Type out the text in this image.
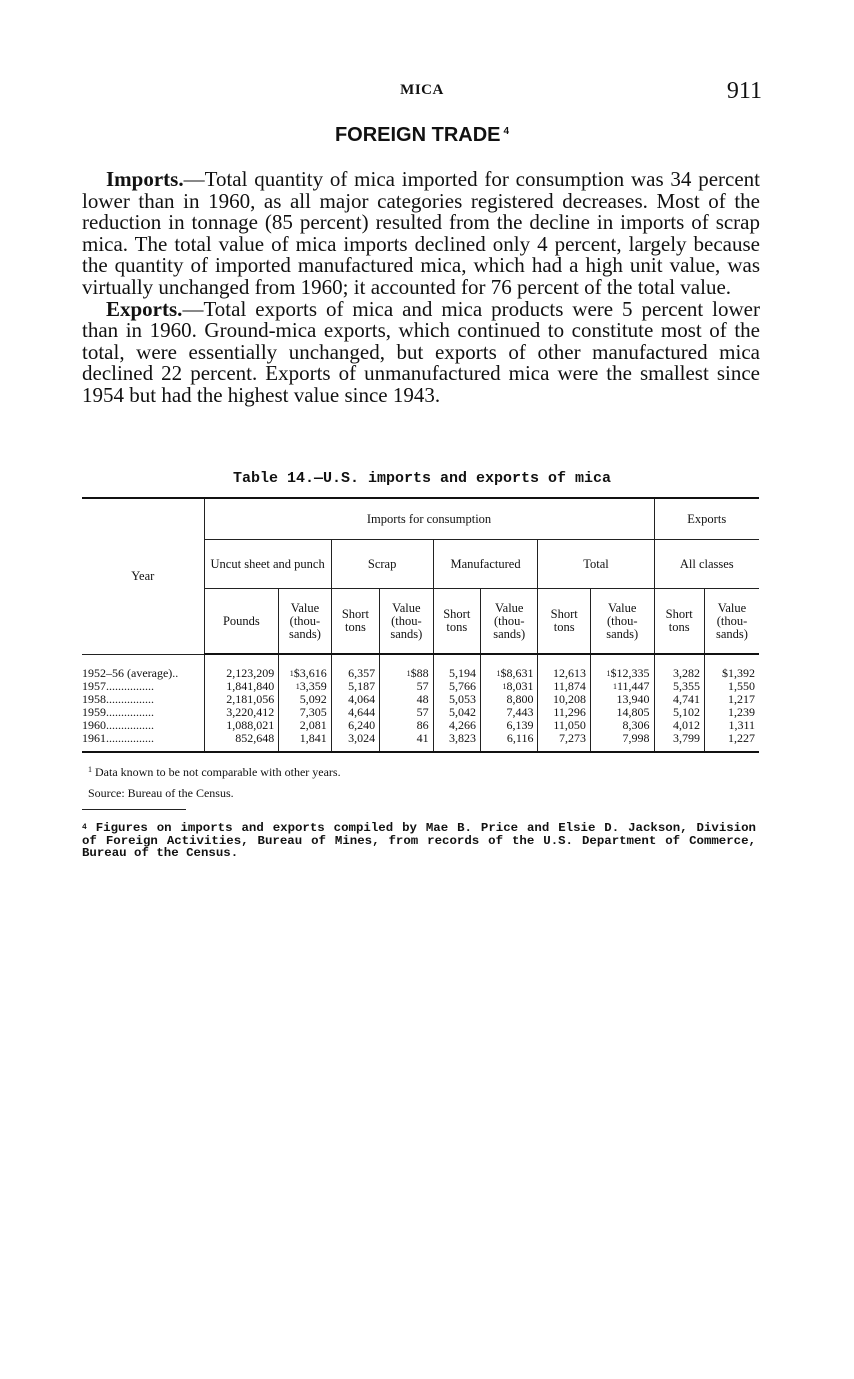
MICA	911
FOREIGN TRADE $^4$

Imports.—Total quantity of mica imported for consumption was 34 percent lower than in 1960, as all major categories registered decreases. Most of the reduction in tonnage (85 percent) resulted from the decline in imports of scrap mica. The total value of mica imports declined only 4 percent, largely because the quantity of imported manufactured mica, which had a high unit value, was virtually unchanged from 1960; it accounted for 76 percent of the total value.

Exports.—Total exports of mica and mica products were 5 percent lower than in 1960. Ground-mica exports, which continued to constitute most of the total, were essentially unchanged, but exports of other manufactured mica declined 22 percent. Exports of unmanufactured mica were the smallest since 1954 but had the highest value since 1943.

Table 14.—U.S. imports and exports of mica
Year	Imports for consumption								Exports	
	Uncut sheet and punch		Scrap		Manufactured		Total		All classes	
	Pounds	Value (thou-sands)	Short tons	Value (thou-sands)	Short tons	Value (thou-sands)	Short tons	Value (thou-sands)	Short tons	Value (thou-sands)
1952–56 (average)..	2,123,209	$^1$\$3,616	6,357	$^1$\$88	5,194	$^1$\$8,631	12,613	$^1$\$12,335	3,282	$1,392
1957................	1,841,840	$^1$3,359	5,187	57	5,766	$^1$8,031	11,874	$^1$11,447	5,355	1,550
1958................	2,181,056	5,092	4,064	48	5,053	8,800	10,208	13,940	4,741	1,217
1959................	3,220,412	7,305	4,644	57	5,042	7,443	11,296	14,805	5,102	1,239
1960................	1,088,021	2,081	6,240	86	4,266	6,139	11,050	8,306	4,012	1,311
1961................	852,648	1,841	3,024	41	3,823	6,116	7,273	7,998	3,799	1,227
$^1$ Data known to be not comparable with other years.
Source: Bureau of the Census.
$^4$ Figures on imports and exports compiled by Mae B. Price and Elsie D. Jackson, Division of Foreign Activities, Bureau of Mines, from records of the U.S. Department of Commerce, Bureau of the Census.
